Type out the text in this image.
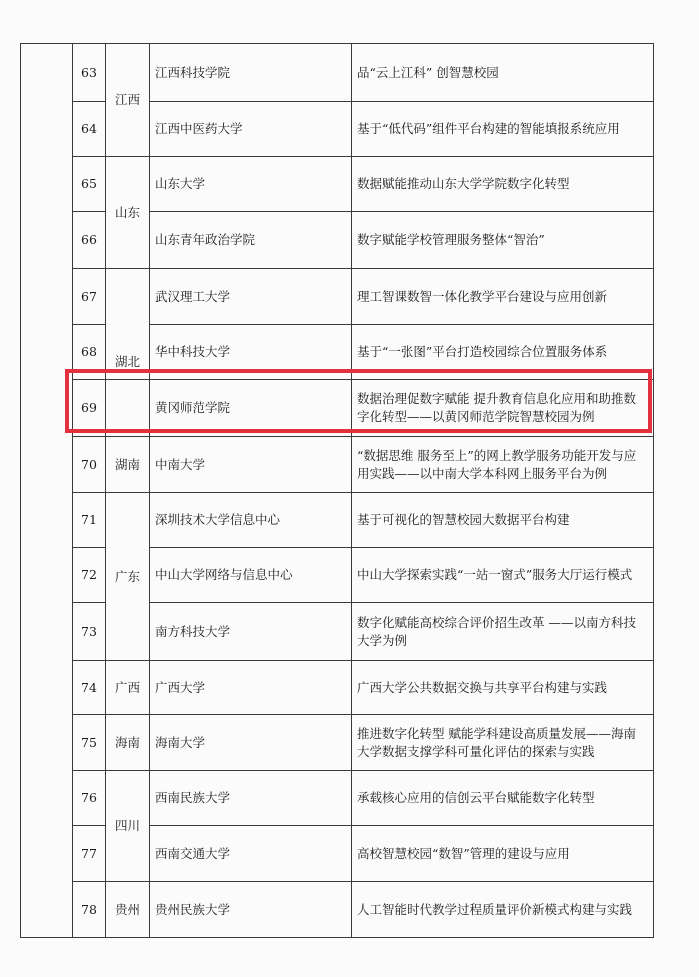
	63	江西	江西科技学院	品“云上江科” 创智慧校园
	64		江西中医药大学	基于“低代码”组件平台构建的智能填报系统应用
	65	山东	山东大学	数据赋能推动山东大学学院数字化转型
	66		山东青年政治学院	数字赋能学校管理服务整体“智治”
	67	湖北	武汉理工大学	理工智课数智一体化教学平台建设与应用创新
	68		华中科技大学	基于“一张图”平台打造校园综合位置服务体系
	69		黄冈师范学院	数据治理促数字赋能 提升教育信息化应用和助推数字化转型——以黄冈师范学院智慧校园为例
	70	湖南	中南大学	“数据思维 服务至上”的网上教学服务功能开发与应用实践——以中南大学本科网上服务平台为例
	71	广东	深圳技术大学信息中心	基于可视化的智慧校园大数据平台构建
	72		中山大学网络与信息中心	中山大学探索实践“一站一窗式”服务大厅运行模式
	73		南方科技大学	数字化赋能高校综合评价招生改革 ——以南方科技大学为例
	74	广西	广西大学	广西大学公共数据交换与共享平台构建与实践
	75	海南	海南大学	推进数字化转型 赋能学科建设高质量发展——海南大学数据支撑学科可量化评估的探索与实践
	76	四川	西南民族大学	承载核心应用的信创云平台赋能数字化转型
	77		西南交通大学	高校智慧校园“数智”管理的建设与应用
	78	贵州	贵州民族大学	人工智能时代教学过程质量评价新模式构建与实践
